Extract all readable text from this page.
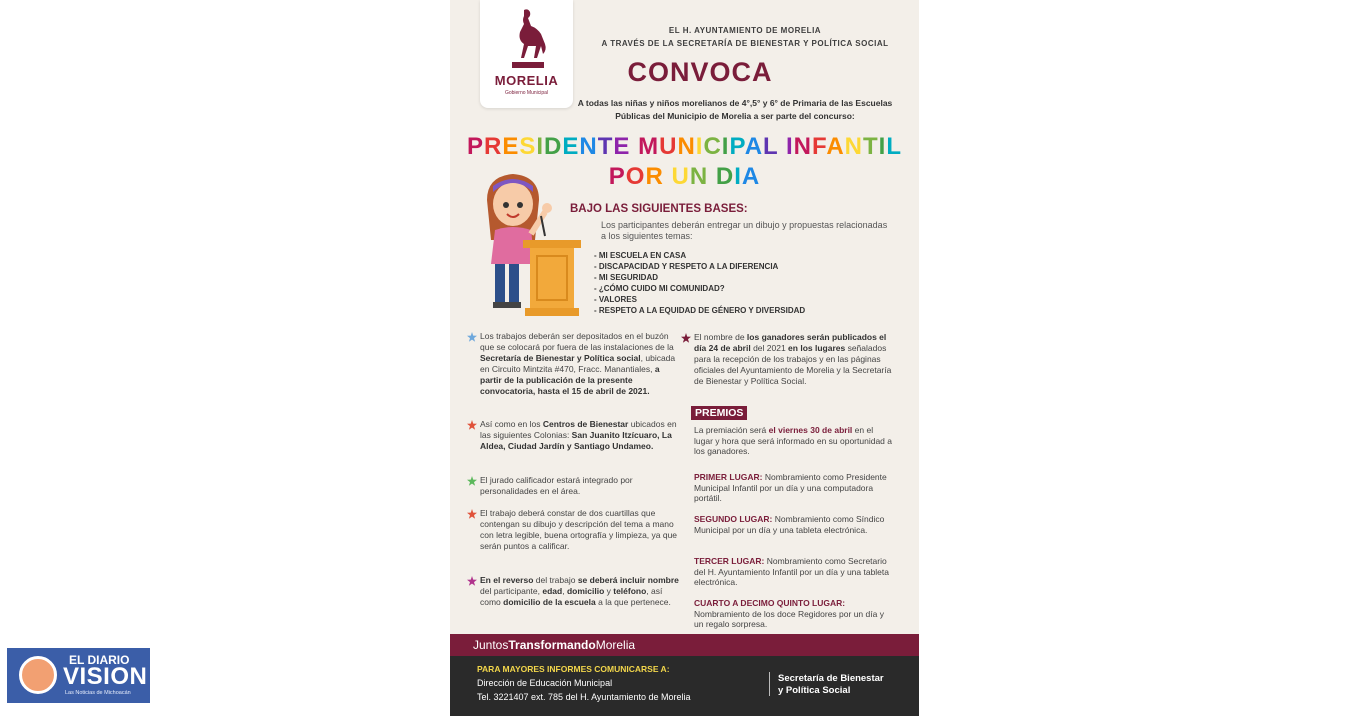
MORELIA
Gobierno Municipal
EL H. AYUNTAMIENTO DE MORELIA
A TRAVÉS DE LA SECRETARÍA DE BIENESTAR Y POLÍTICA SOCIAL
CONVOCA
A todas las niñas y niños morelianos de 4°,5° y 6° de Primaria de las Escuelas Públicas del Municipio de Morelia a ser parte del concurso:
PRESIDENTE MUNICIPAL INFANTIL
POR UN DIA
BAJO LAS SIGUIENTES BASES:
Los participantes deberán entregar un dibujo y propuestas relacionadas a los siguientes temas:
- MI ESCUELA EN CASA
- DISCAPACIDAD Y RESPETO A LA DIFERENCIA
- MI SEGURIDAD
- ¿CÓMO CUIDO MI COMUNIDAD?
- VALORES
- RESPETO A LA EQUIDAD DE GÉNERO Y DIVERSIDAD
Los trabajos deberán ser depositados en el buzón que se colocará por fuera de las instalaciones de la Secretaría de Bienestar y Política social, ubicada en Circuito Mintzita #470, Fracc. Manantiales, a partir de la publicación de la presente convocatoria, hasta el 15 de abril de 2021.
Así como en los Centros de Bienestar ubicados en las siguientes Colonias: San Juanito Itzícuaro, La Aldea, Ciudad Jardín y Santiago Undameo.
El jurado calificador estará integrado por personalidades en el área.
El trabajo deberá constar de dos cuartillas que contengan su dibujo y descripción del tema a mano con letra legible, buena ortografía y limpieza, ya que serán puntos a calificar.
En el reverso del trabajo se deberá incluir nombre del participante, edad, domicilio y teléfono, así como domicilio de la escuela a la que pertenece.
El nombre de los ganadores serán publicados el día 24 de abril del 2021 en los lugares señalados para la recepción de los trabajos y en las páginas oficiales del Ayuntamiento de Morelia y la Secretaría de Bienestar y Política Social.
PREMIOS
La premiación será el viernes 30 de abril en el lugar y hora que será informado en su oportunidad a los ganadores.
PRIMER LUGAR: Nombramiento como Presidente Municipal Infantil por un día y una computadora portátil.
SEGUNDO LUGAR: Nombramiento como Síndico Municipal por un día y una tableta electrónica.
TERCER LUGAR: Nombramiento como Secretario del H. Ayuntamiento Infantil por un día y una tableta electrónica.
CUARTO A DECIMO QUINTO LUGAR: Nombramiento de los doce Regidores por un día y un regalo sorpresa.
JuntosTransformandoMorelia
PARA MAYORES INFORMES COMUNICARSE A:
Dirección de Educación Municipal
Tel. 3221407 ext. 785 del H. Ayuntamiento de Morelia
Secretaría de Bienestar
y Política Social
EL DIARIO
VISION
Las Noticias de Michoacán
